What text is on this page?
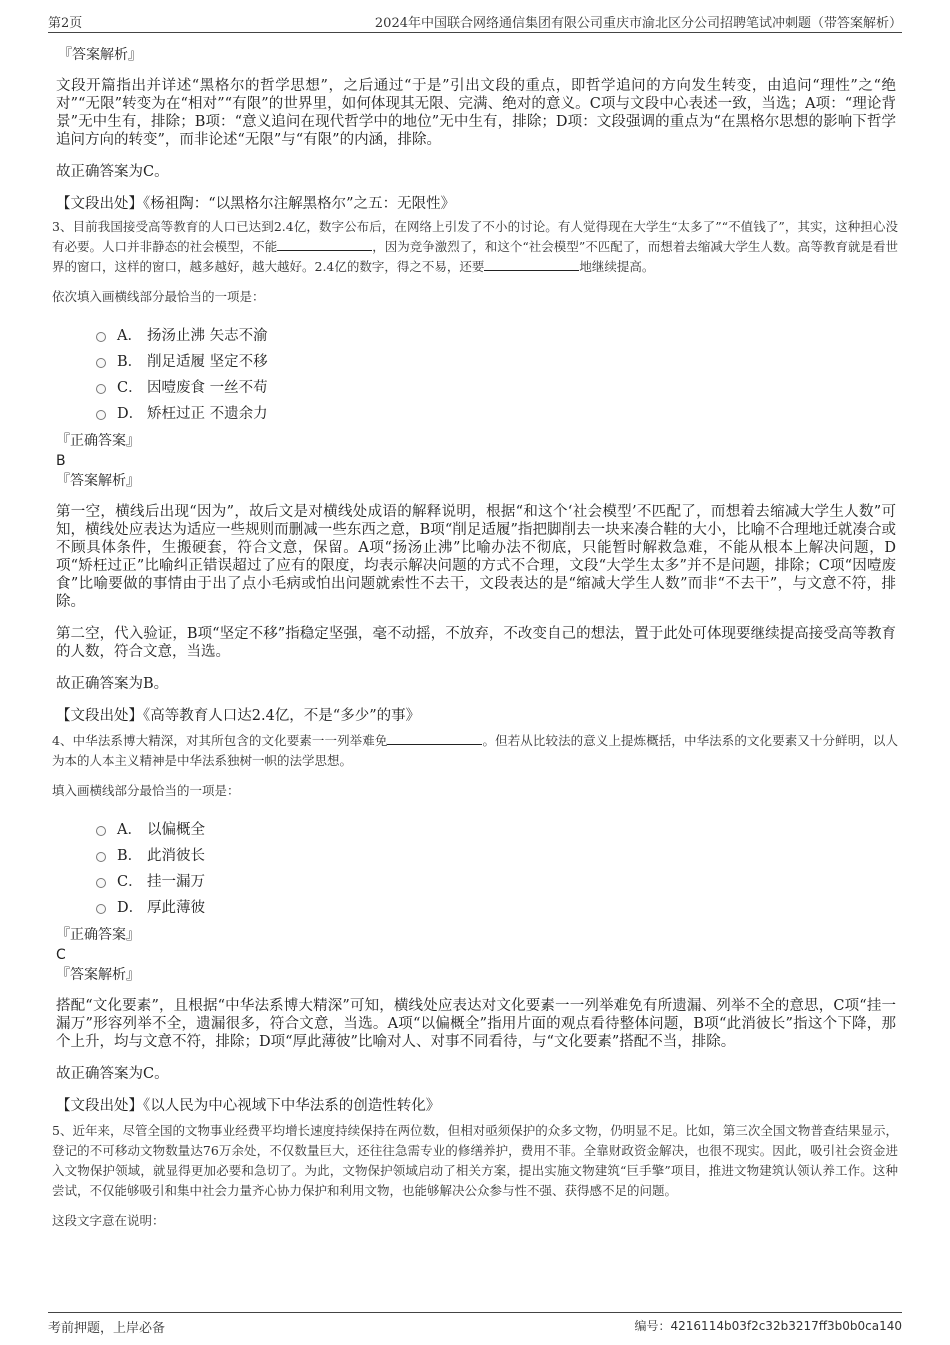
第2页	2024年中国联合网络通信集团有限公司重庆市渝北区分公司招聘笔试冲刺题（带答案解析）

『答案解析』

文段开篇指出并详述“黑格尔的哲学思想”，之后通过“于是”引出文段的重点，即哲学追问的方向发生转变，由追问“理性”之“绝对”“无限”转变为在“相对”“有限”的世界里，如何体现其无限、完满、绝对的意义。C项与文段中心表述一致，当选；A项：“理论背景”无中生有，排除；B项：“意义追问在现代哲学中的地位”无中生有，排除；D项：文段强调的重点为“在黑格尔思想的影响下哲学追问方向的转变”，而非论述“无限”与“有限”的内涵，排除。

故正确答案为C。

【文段出处】《杨祖陶：“以黑格尔注解黑格尔”之五：无限性》

3、目前我国接受高等教育的人口已达到2.4亿，数字公布后，在网络上引发了不小的讨论。有人觉得现在大学生“太多了”“不值钱了”，其实，这种担心没有必要。人口并非静态的社会模型，不能	，因为竞争激烈了，和这个“社会模型”不匹配了，而想着去缩减大学生人数。高等教育就是看世界的窗口，这样的窗口，越多越好，越大越好。2.4亿的数字，得之不易，还要	地继续提高。

依次填入画横线部分最恰当的一项是：

A． 扬汤止沸 矢志不渝
B． 削足适履 坚定不移
C． 因噎废食 一丝不苟
D． 矫枉过正 不遗余力

『正确答案』

B

『答案解析』

第一空，横线后出现“因为”，故后文是对横线处成语的解释说明，根据“和这个‘社会模型’不匹配了，而想着去缩减大学生人数”可知，横线处应表达为适应一些规则而删减一些东西之意，B项“削足适履”指把脚削去一块来凑合鞋的大小，比喻不合理地迁就凑合或不顾具体条件，生搬硬套，符合文意，保留。A项“扬汤止沸”比喻办法不彻底，只能暂时解救急难，不能从根本上解决问题，D项“矫枉过正”比喻纠正错误超过了应有的限度，均表示解决问题的方式不合理，文段“大学生太多”并不是问题，排除；C项“因噎废食”比喻要做的事情由于出了点小毛病或怕出问题就索性不去干，文段表达的是“缩减大学生人数”而非“不去干”，与文意不符，排除。

第二空，代入验证，B项“坚定不移”指稳定坚强，毫不动摇，不放弃，不改变自己的想法，置于此处可体现要继续提高接受高等教育的人数，符合文意，当选。

故正确答案为B。

【文段出处】《高等教育人口达2.4亿，不是“多少”的事》

4、中华法系博大精深，对其所包含的文化要素一一列举难免	。但若从比较法的意义上提炼概括，中华法系的文化要素又十分鲜明，以人为本的人本主义精神是中华法系独树一帜的法学思想。

填入画横线部分最恰当的一项是：

A． 以偏概全
B． 此消彼长
C． 挂一漏万
D． 厚此薄彼

『正确答案』

C

『答案解析』

搭配“文化要素”，且根据“中华法系博大精深”可知，横线处应表达对文化要素一一列举难免有所遗漏、列举不全的意思，C项“挂一漏万”形容列举不全，遗漏很多，符合文意，当选。A项“以偏概全”指用片面的观点看待整体问题，B项“此消彼长”指这个下降，那个上升，均与文意不符，排除；D项“厚此薄彼”比喻对人、对事不同看待，与“文化要素”搭配不当，排除。

故正确答案为C。

【文段出处】《以人民为中心视域下中华法系的创造性转化》

5、近年来，尽管全国的文物事业经费平均增长速度持续保持在两位数，但相对亟须保护的众多文物，仍明显不足。比如，第三次全国文物普查结果显示，登记的不可移动文物数量达76万余处，不仅数量巨大，还往往急需专业的修缮养护，费用不菲。全靠财政资金解决，也很不现实。因此，吸引社会资金进入文物保护领域，就显得更加必要和急切了。为此，文物保护领域启动了相关方案，提出实施文物建筑“巨手擎”项目，推进文物建筑认领认养工作。这种尝试，不仅能够吸引和集中社会力量齐心协力保护和利用文物，也能够解决公众参与性不强、获得感不足的问题。

这段文字意在说明：

考前押题，上岸必备	编号：4216114b03f2c32b3217ff3b0b0ca140
